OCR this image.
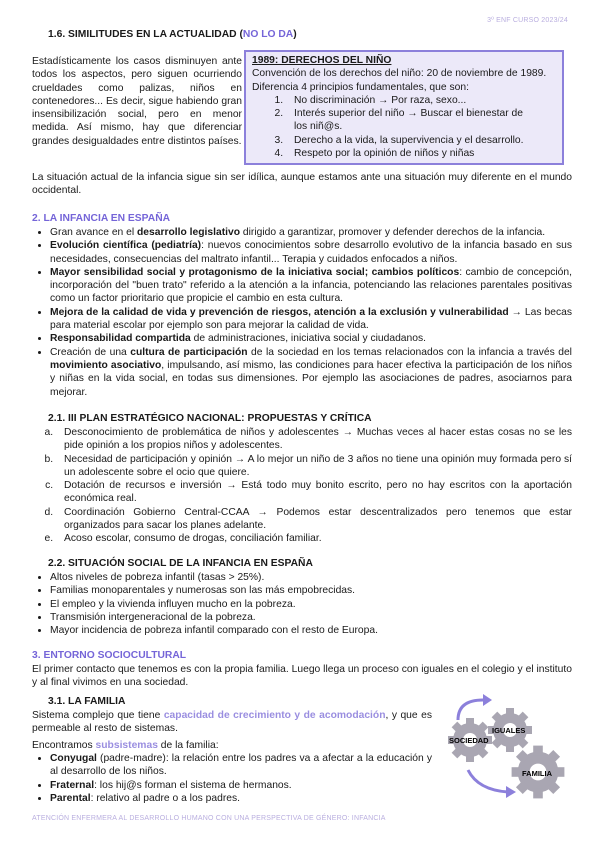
3º ENF CURSO 2023/24
1.6. SIMILITUDES EN LA ACTUALIDAD (NO LO DA)
Estadísticamente los casos disminuyen ante todos los aspectos, pero siguen ocurriendo crueldades como palizas, niños en contenedores... Es decir, sigue habiendo gran insensibilización social, pero en menor medida. Así mismo, hay que diferenciar grandes desigualdades entre distintos países.
1989: DERECHOS DEL NIÑO
Convención de los derechos del niño: 20 de noviembre de 1989.
Diferencia 4 principios fundamentales, que son:
1. No discriminación → Por raza, sexo...
2. Interés superior del niño → Buscar el bienestar de los niñ@s.
3. Derecho a la vida, la supervivencia y el desarrollo.
4. Respeto por la opinión de niños y niñas
La situación actual de la infancia sigue sin ser idílica, aunque estamos ante una situación muy diferente en el mundo occidental.
2. LA INFANCIA EN ESPAÑA
• Gran avance en el desarrollo legislativo dirigido a garantizar, promover y defender derechos de la infancia.
• Evolución científica (pediatría): nuevos conocimientos sobre desarrollo evolutivo de la infancia basado en sus necesidades, consecuencias del maltrato infantil... Terapia y cuidados enfocados a niños.
• Mayor sensibilidad social y protagonismo de la iniciativa social; cambios políticos: cambio de concepción, incorporación del "buen trato" referido a la atención a la infancia, potenciando las relaciones parentales positivas como un factor prioritario que propicie el cambio en esta cultura.
• Mejora de la calidad de vida y prevención de riesgos, atención a la exclusión y vulnerabilidad → Las becas para material escolar por ejemplo son para mejorar la calidad de vida.
• Responsabilidad compartida de administraciones, iniciativa social y ciudadanos.
• Creación de una cultura de participación de la sociedad en los temas relacionados con la infancia a través del movimiento asociativo, impulsando, así mismo, las condiciones para hacer efectiva la participación de los niños y niñas en la vida social, en todas sus dimensiones. Por ejemplo las asociaciones de padres, asociarnos para mejorar.
2.1. III PLAN ESTRATÉGICO NACIONAL: PROPUESTAS Y CRÍTICA
a. Desconocimiento de problemática de niños y adolescentes → Muchas veces al hacer estas cosas no se les pide opinión a los propios niños y adolescentes.
b. Necesidad de participación y opinión → A lo mejor un niño de 3 años no tiene una opinión muy formada pero sí un adolescente sobre el ocio que quiere.
c. Dotación de recursos e inversión → Está todo muy bonito escrito, pero no hay escritos con la aportación económica real.
d. Coordinación Gobierno Central-CCAA → Podemos estar descentralizados pero tenemos que estar organizados para sacar los planes adelante.
e. Acoso escolar, consumo de drogas, conciliación familiar.
2.2. SITUACIÓN SOCIAL DE LA INFANCIA EN ESPAÑA
• Altos niveles de pobreza infantil (tasas > 25%).
• Familias monoparentales y numerosas son las más empobrecidas.
• El empleo y la vivienda influyen mucho en la pobreza.
• Transmisión intergeneracional de la pobreza.
• Mayor incidencia de pobreza infantil comparado con el resto de Europa.
3. ENTORNO SOCIOCULTURAL
El primer contacto que tenemos es con la propia familia. Luego llega un proceso con iguales en el colegio y el instituto y al final vivimos en una sociedad.
3.1. LA FAMILIA
Sistema complejo que tiene capacidad de crecimiento y de acomodación, y que es permeable al resto de sistemas.
Encontramos subsistemas de la familia:
• Conyugal (padre-madre): la relación entre los padres va a afectar a la educación y al desarrollo de los niños.
• Fraternal: los hij@s forman el sistema de hermanos.
• Parental: relativo al padre o a los padres.
SOCIEDAD
IGUALES
FAMILIA
ATENCIÓN ENFERMERA AL DESARROLLO HUMANO CON UNA PERSPECTIVA DE GÉNERO: INFANCIA
